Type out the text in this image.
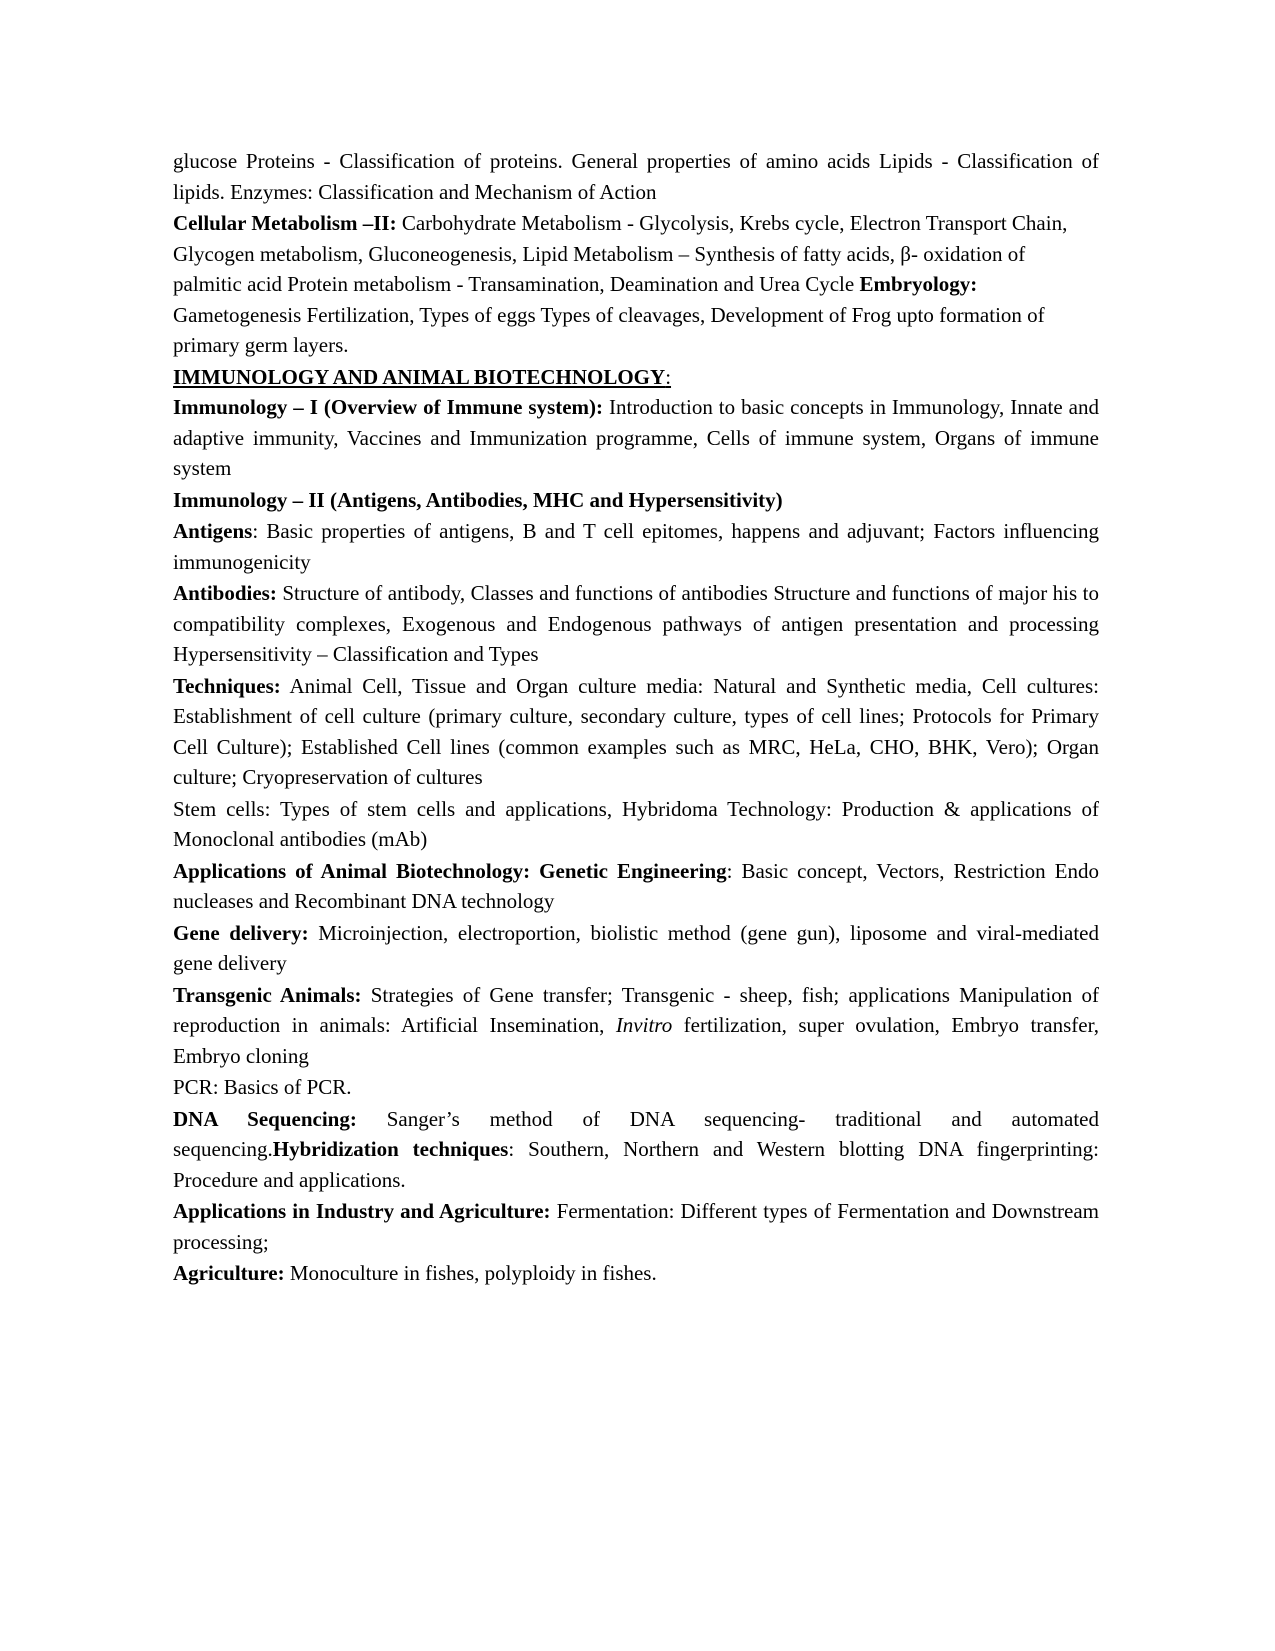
glucose Proteins - Classification of proteins. General properties of amino acids Lipids - Classification of lipids. Enzymes: Classification and Mechanism of Action

Cellular Metabolism –II: Carbohydrate Metabolism - Glycolysis, Krebs cycle, Electron Transport Chain, Glycogen metabolism, Gluconeogenesis, Lipid Metabolism – Synthesis of fatty acids, β- oxidation of palmitic acid Protein metabolism - Transamination, Deamination and Urea Cycle Embryology: Gametogenesis Fertilization, Types of eggs Types of cleavages, Development of Frog upto formation of primary germ layers.

IMMUNOLOGY AND ANIMAL BIOTECHNOLOGY:

Immunology – I (Overview of Immune system): Introduction to basic concepts in Immunology, Innate and adaptive immunity, Vaccines and Immunization programme, Cells of immune system, Organs of immune system

Immunology – II (Antigens, Antibodies, MHC and Hypersensitivity)

Antigens: Basic properties of antigens, B and T cell epitomes, happens and adjuvant; Factors influencing immunogenicity

Antibodies: Structure of antibody, Classes and functions of antibodies Structure and functions of major his to compatibility complexes, Exogenous and Endogenous pathways of antigen presentation and processing Hypersensitivity – Classification and Types

Techniques: Animal Cell, Tissue and Organ culture media: Natural and Synthetic media, Cell cultures: Establishment of cell culture (primary culture, secondary culture, types of cell lines; Protocols for Primary Cell Culture); Established Cell lines (common examples such as MRC, HeLa, CHO, BHK, Vero); Organ culture; Cryopreservation of cultures

Stem cells: Types of stem cells and applications, Hybridoma Technology: Production & applications of Monoclonal antibodies (mAb)

Applications of Animal Biotechnology: Genetic Engineering: Basic concept, Vectors, Restriction Endo nucleases and Recombinant DNA technology

Gene delivery: Microinjection, electroportion, biolistic method (gene gun), liposome and viral-mediated gene delivery

Transgenic Animals: Strategies of Gene transfer; Transgenic - sheep, fish; applications Manipulation of reproduction in animals: Artificial Insemination, Invitro fertilization, super ovulation, Embryo transfer, Embryo cloning

PCR: Basics of PCR.

DNA Sequencing: Sanger’s method of DNA sequencing- traditional and automated sequencing.Hybridization techniques: Southern, Northern and Western blotting DNA fingerprinting: Procedure and applications.

Applications in Industry and Agriculture: Fermentation: Different types of Fermentation and Downstream processing;

Agriculture: Monoculture in fishes, polyploidy in fishes.
